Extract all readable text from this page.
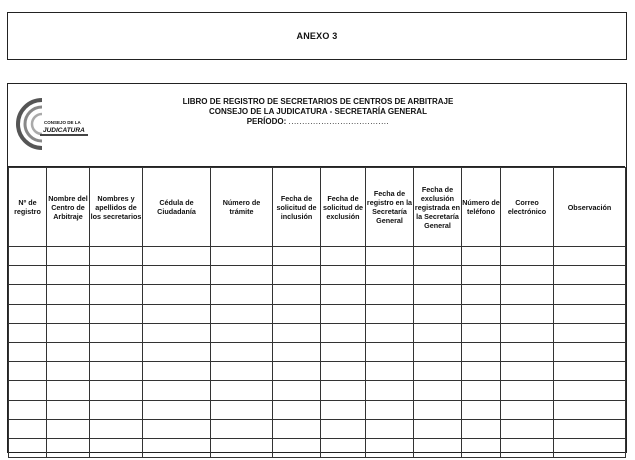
ANEXO 3
CONSEJO DE LA
JUDICATURA
LIBRO DE REGISTRO DE SECRETARIOS DE CENTROS DE ARBITRAJE
CONSEJO DE LA JUDICATURA - SECRETARÍA GENERAL
PERÍODO: .....................................
Nº de registro	Nombre del Centro de Arbitraje	Nombres y apellidos de los secretarios	Cédula de Ciudadanía	Número de trámite	Fecha de solicitud de inclusión	Fecha de solicitud de exclusión	Fecha de registro en la Secretaría General	Fecha de exclusión registrada en la Secretaría General	Número de teléfono	Correo electrónico	Observación
